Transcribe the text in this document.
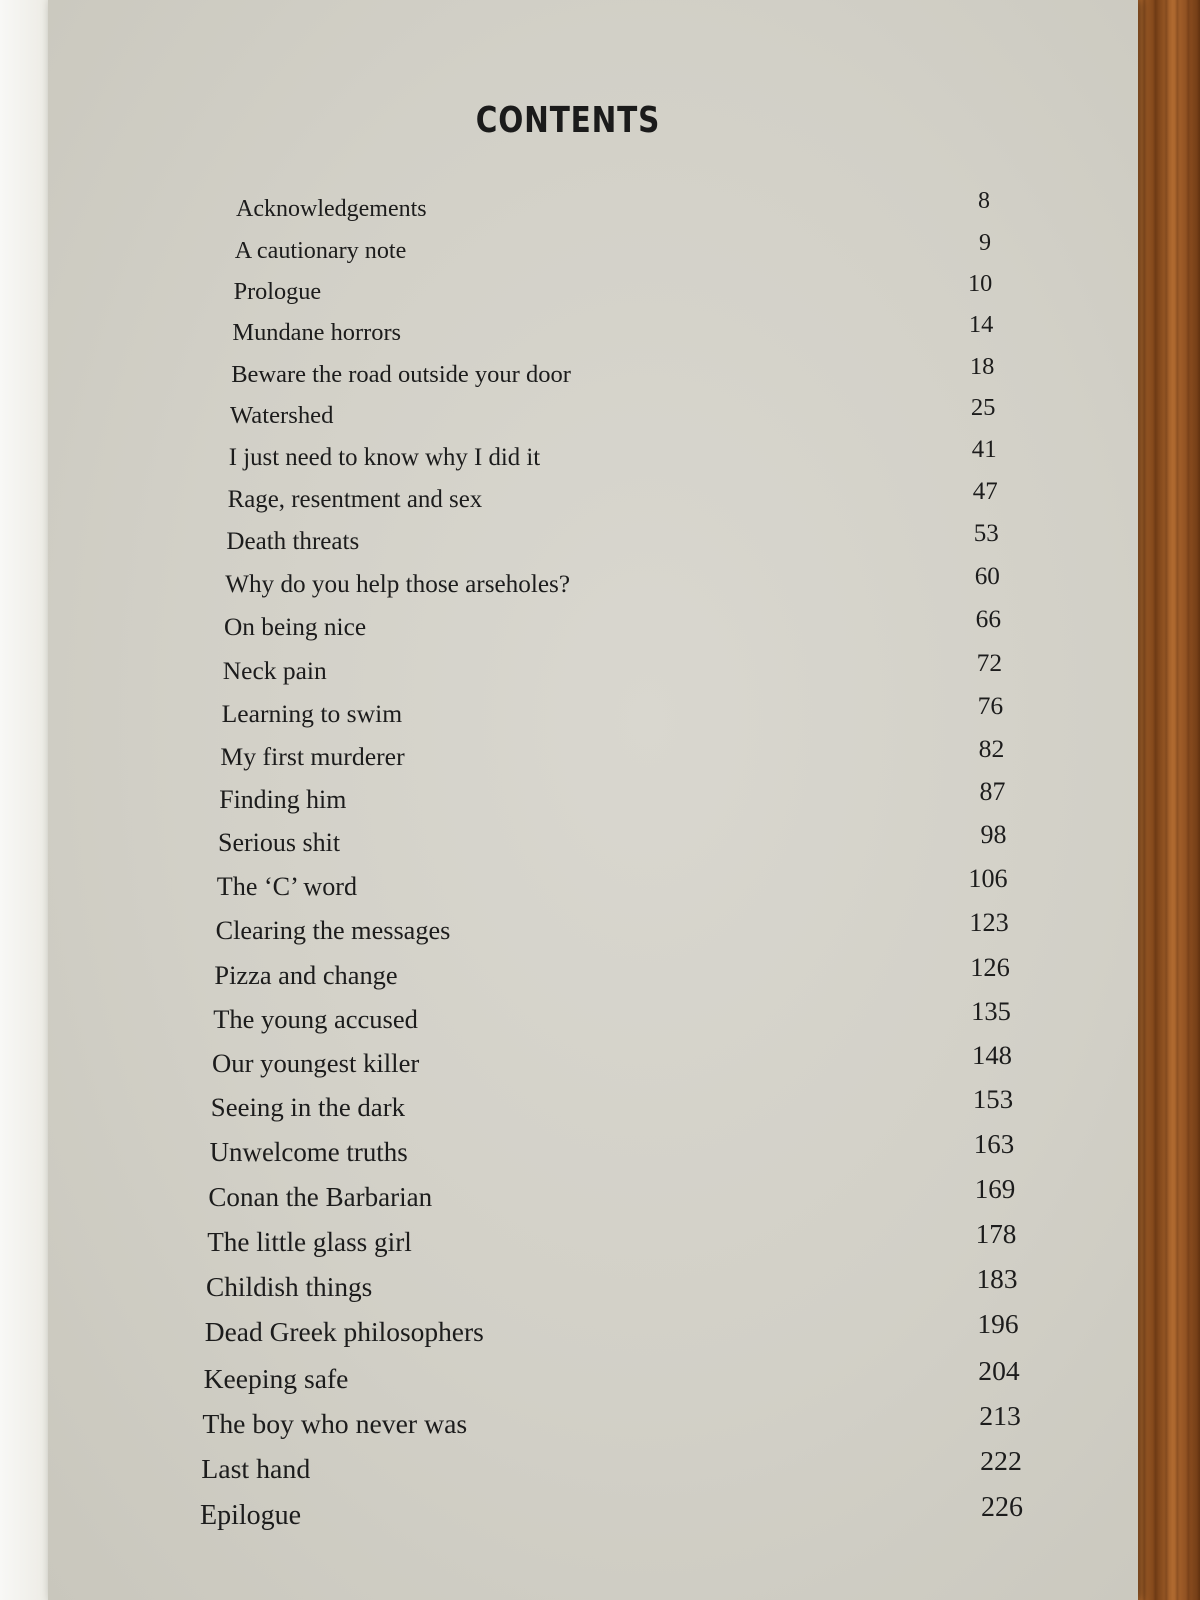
CONTENTS
Acknowledgements	8
A cautionary note	9
Prologue	10
Mundane horrors	14
Beware the road outside your door	18
Watershed	25
I just need to know why I did it	41
Rage, resentment and sex	47
Death threats	53
Why do you help those arseholes?	60
On being nice	66
Neck pain	72
Learning to swim	76
My first murderer	82
Finding him	87
Serious shit	98
The ‘C’ word	106
Clearing the messages	123
Pizza and change	126
The young accused	135
Our youngest killer	148
Seeing in the dark	153
Unwelcome truths	163
Conan the Barbarian	169
The little glass girl	178
Childish things	183
Dead Greek philosophers	196
Keeping safe	204
The boy who never was	213
Last hand	222
Epilogue	226
